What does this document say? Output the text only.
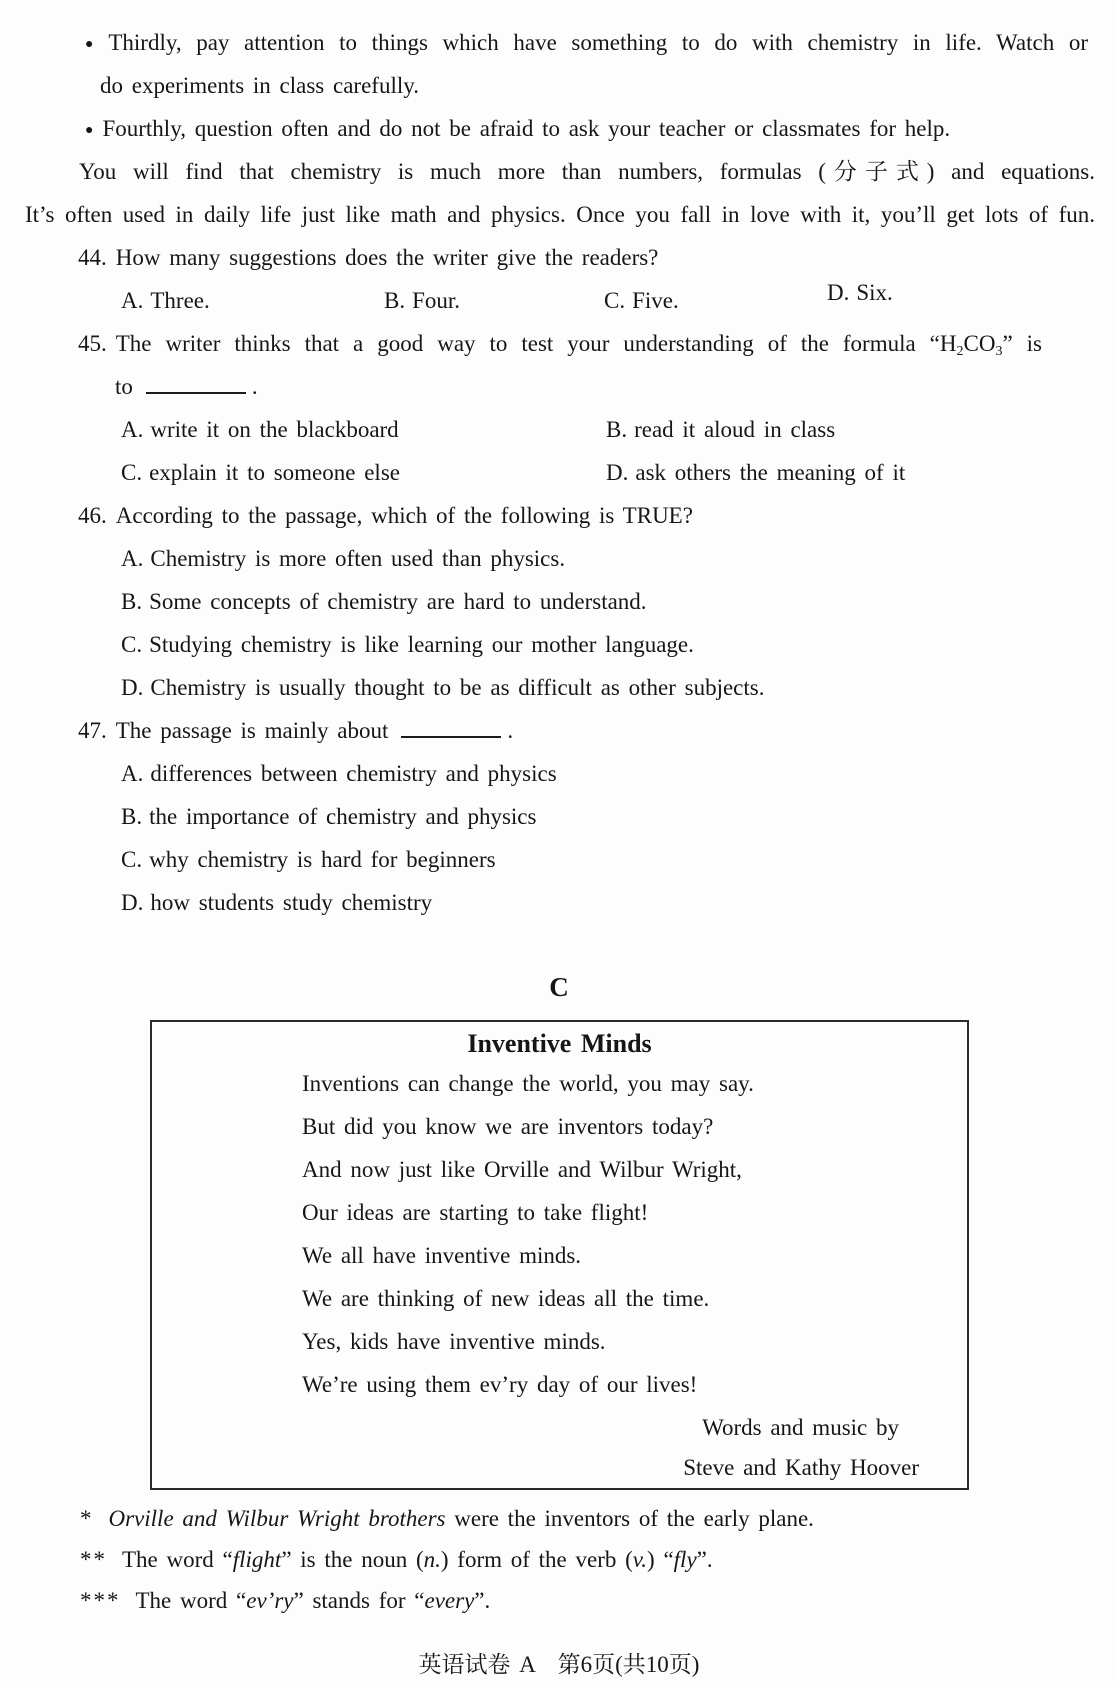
● Thirdly, pay attention to things which have something to do with chemistry in life. Watch or
do experiments in class carefully.
● Fourthly, question often and do not be afraid to ask your teacher or classmates for help.
You will find that chemistry is much more than numbers, formulas (分子式) and equations.
It’s often used in daily life just like math and physics. Once you fall in love with it, you’ll get lots of fun.
44. How many suggestions does the writer give the readers?
A. Three.	B. Four.	C. Five.	D. Six.
45. The writer thinks that a good way to test your understanding of the formula “H2CO3” is
to	.
A. write it on the blackboard	B. read it aloud in class
C. explain it to someone else	D. ask others the meaning of it
46. According to the passage, which of the following is TRUE?
A. Chemistry is more often used than physics.
B. Some concepts of chemistry are hard to understand.
C. Studying chemistry is like learning our mother language.
D. Chemistry is usually thought to be as difficult as other subjects.
47. The passage is mainly about	.
A. differences between chemistry and physics
B. the importance of chemistry and physics
C. why chemistry is hard for beginners
D. how students study chemistry
C
Inventive Minds
Inventions can change the world, you may say.
But did you know we are inventors today?
And now just like Orville and Wilbur Wright,
Our ideas are starting to take flight!
We all have inventive minds.
We are thinking of new ideas all the time.
Yes, kids have inventive minds.
We’re using them ev’ry day of our lives!
Words and music by
Steve and Kathy Hoover
* Orville and Wilbur Wright brothers were the inventors of the early plane.
** The word “flight” is the noun (n.) form of the verb (v.) “fly”.
*** The word “ev’ry” stands for “every”.
英语试卷 A　第6页(共10页)
